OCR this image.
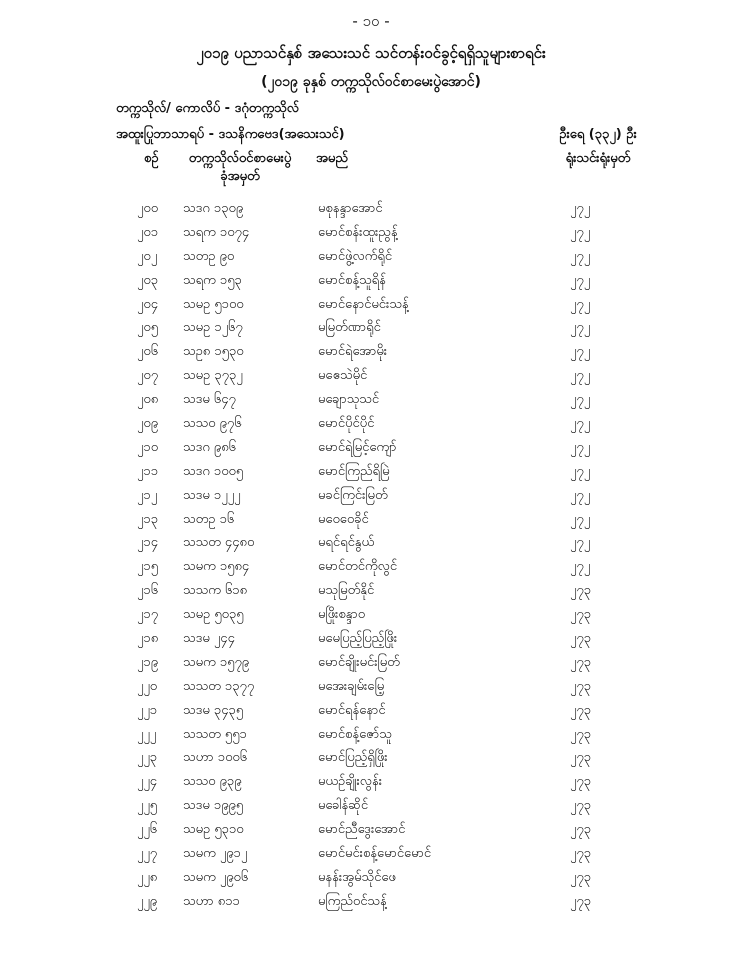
- ၁၀ -
၂၀၁၉ ပညာသင်နှစ် အသေးသင် သင်တန်းဝင်ခွင့်ရရှိသူများစာရင်း
(၂၀၁၉ ခုနှစ် တက္ကသိုလ်ဝင်စာမေးပွဲအောင်)
တက္ကသိုလ်/ ကောလိပ် - ဒဂုံတက္ကသိုလ်
အထူးပြုဘာသာရပ် - ဒသနိကဗေဒ(အသေးသင်)	ဦးရေ (၃၃၂) ဦး
စဉ်	တက္ကသိုလ်ဝင်စာမေးပွဲ
ခုံအမှတ်
အမည်	ရုံးသင်းရုံးမှတ်
၂၀၀ သဒဂ ၁၃၀၉	မစုနန္ဒာအောင်	၂၇၂
၂၀၁ သရက ၁၀၇၄	မောင်စန်းထူးညွန့်	၂၇၂
၂၀၂ သတဥ ၉၀	မောင်ဖွဲ့လက်ရိုင်	၂၇၂
၂၀၃ သရက ၁၅၃	မောင်စန့်သူရိန်	၂၇၂
၂၀၄ သမဥ ၅၁၀၀	မောင်နောင်မင်းသန့်	၂၇၂
၂၀၅ သမဥ ၁၂၆၇	မမြတ်ဏာရိုင်	၂၇၂
၂၀၆ သဥ၈ ၁၅၃၀	မောင်ရဲအောမိုး	၂၇၂
၂၀၇ သမဥ ၃၇၃၂	မဧေသဲမိုင်	၂၇၂
၂၀၈ သဒမ ၆၄၇	မချောသုသင်	၂၇၂
၂၀၉ သသ၀ ၉၇၆	မောင်ပိုင်ပိုင်	၂၇၂
၂၁၀ သဒဂ ၉၈၆	မောင်ရဲမြင့်ကျော်	၂၇၂
၂၁၁ သဒဂ ၁၀၀၅	မောင်ကြည်ရိမြဲ	၂၇၂
၂၁၂ သဒမ ၁၂၂၂	မခင်ကြင်းမြတ်	၂၇၂
၂၁၃ သတဥ ၁၆	မဝေဝေခိုင်	၂၇၂
၂၁၄ သသတ ၄၄၈၀	မရင်ရင်နွယ်	၂၇၂
၂၁၅ သမက ၁၅၈၄	မောင်တင်ကိုလွင်	၂၇၂
၂၁၆ သသက ၆၁၈	မသုမြတ်နိုင်	၂၇၃
၂၁၇ သမဥ ၅၀၃၅	မဖြိုးစန္ဒာဝ	၂၇၃
၂၁၈ သဒမ ၂၄၄	မမေပြည့်ပြည့်ဖြိုး	၂၇၃
၂၁၉ သမက ၁၅၇၉	မောင်ချိုးမင်းမြတ်	၂၇၃
၂၂၀ သသတ ၁၃၇၇	မအေးချမ်းမြေ့	၂၇၃
၂၂၁ သဒမ ၃၄၃၅	မောင်ရန်နောင်	၂၇၃
၂၂၂ သသတ ၅၅၁	မောင်စန့်ဇော်သူ	၂၇၃
၂၂၃ သဟာ ၁၀၀၆	မောင်ပြည့်ရှိဖြိုး	၂၇၃
၂၂၄ သသ၀ ၉၃၉	မယဉ်ချိုးလွန်း	၂၇၃
၂၂၅ သဒမ ၁၉၉၅	မခေါန်ဆိုင်	၂၇၃
၂၂၆ သမဥ ၅၃၁၀	မောင်ညီဒွေးအောင်	၂၇၃
၂၂၇ သမက ၂၉၁၂	မောင်မင်းစန့်မောင်မောင်	၂၇၃
၂၂၈ သမက ၂၉၀၆	မနန်းအွမ်သိုင်ဖေ	၂၇၃
၂၂၉ သဟာ ၈၁၁	မကြည်ဝင်သန့်	၂၇၃
